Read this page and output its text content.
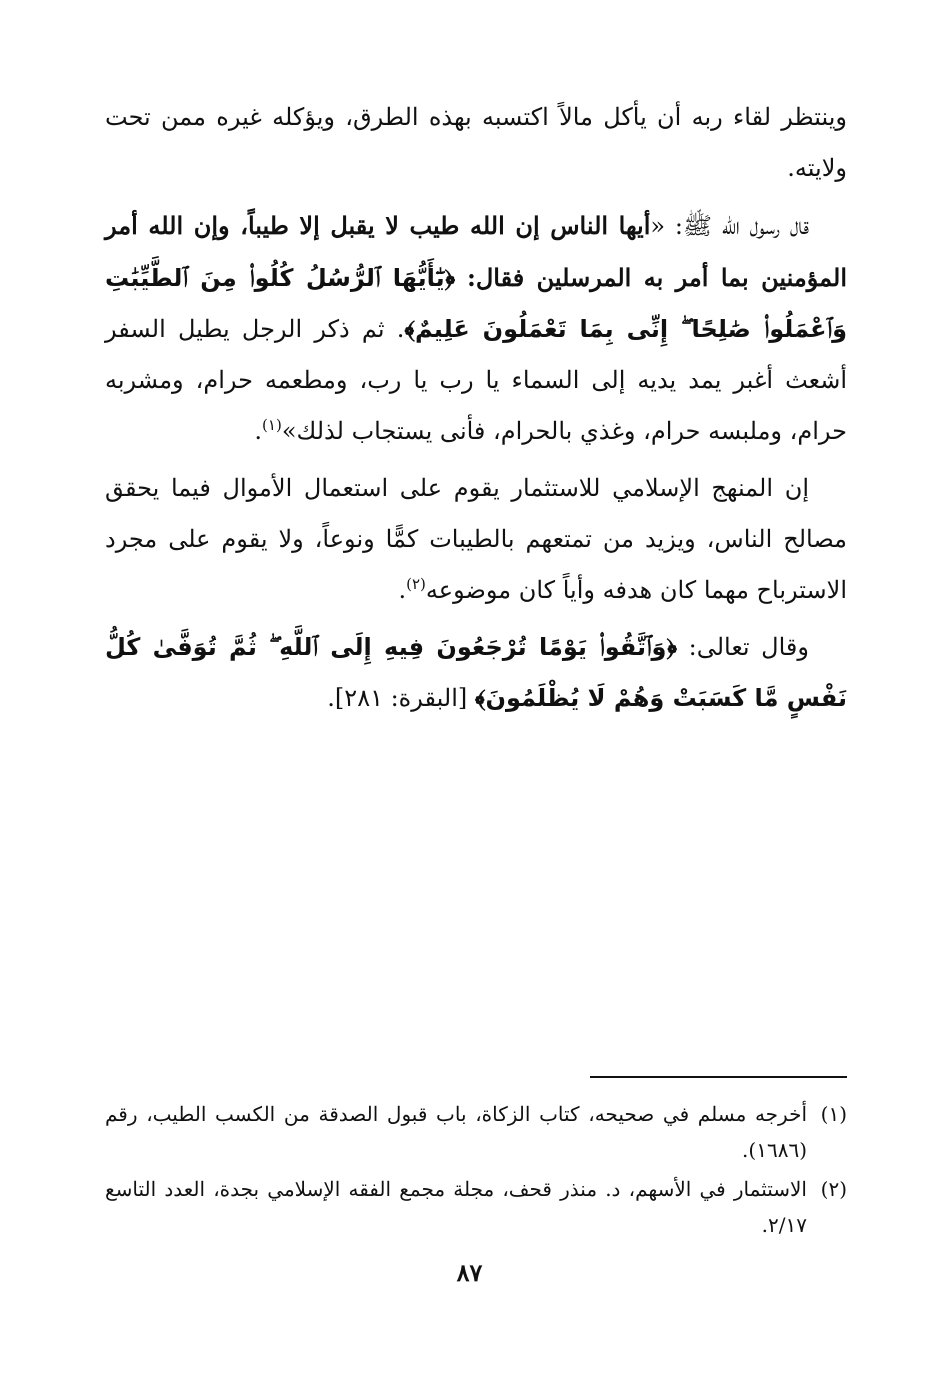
وينتظر لقاء ربه أن يأكل مالاً اكتسبه بهذه الطرق، ويؤكله غيره ممن تحت ولايته.

قال رسول الله ﷺ: «أيها الناس إن الله طيب لا يقبل إلا طيباً، وإن الله أمر المؤمنين بما أمر به المرسلين فقال: ﴿يَٰٓأَيُّهَا ٱلرُّسُلُ كُلُوا۟ مِنَ ٱلطَّيِّبَٰتِ وَٱعْمَلُوا۟ صَٰلِحًا ۖ إِنِّى بِمَا تَعْمَلُونَ عَلِيمٌ﴾. ثم ذكر الرجل يطيل السفر أشعث أغبر يمد يديه إلى السماء يا رب يا رب، ومطعمه حرام، ومشربه حرام، وملبسه حرام، وغذي بالحرام، فأنى يستجاب لذلك»$^{(١)}$.

إن المنهج الإسلامي للاستثمار يقوم على استعمال الأموال فيما يحقق مصالح الناس، ويزيد من تمتعهم بالطيبات كمًّا ونوعاً، ولا يقوم على مجرد الاسترباح مهما كان هدفه وأياً كان موضوعه$^{(٢)}$.

وقال تعالى: ﴿وَٱتَّقُوا۟ يَوْمًا تُرْجَعُونَ فِيهِ إِلَى ٱللَّهِ ۖ ثُمَّ تُوَفَّىٰ كُلُّ نَفْسٍ مَّا كَسَبَتْ وَهُمْ لَا يُظْلَمُونَ﴾ [البقرة: ٢٨١].

(١)
أخرجه مسلم في صحيحه، كتاب الزكاة، باب قبول الصدقة من الكسب الطيب، رقم (١٦٨٦).
(٢)
الاستثمار في الأسهم، د. منذر قحف، مجلة مجمع الفقه الإسلامي بجدة، العدد التاسع ٢/١٧.
٨٧
